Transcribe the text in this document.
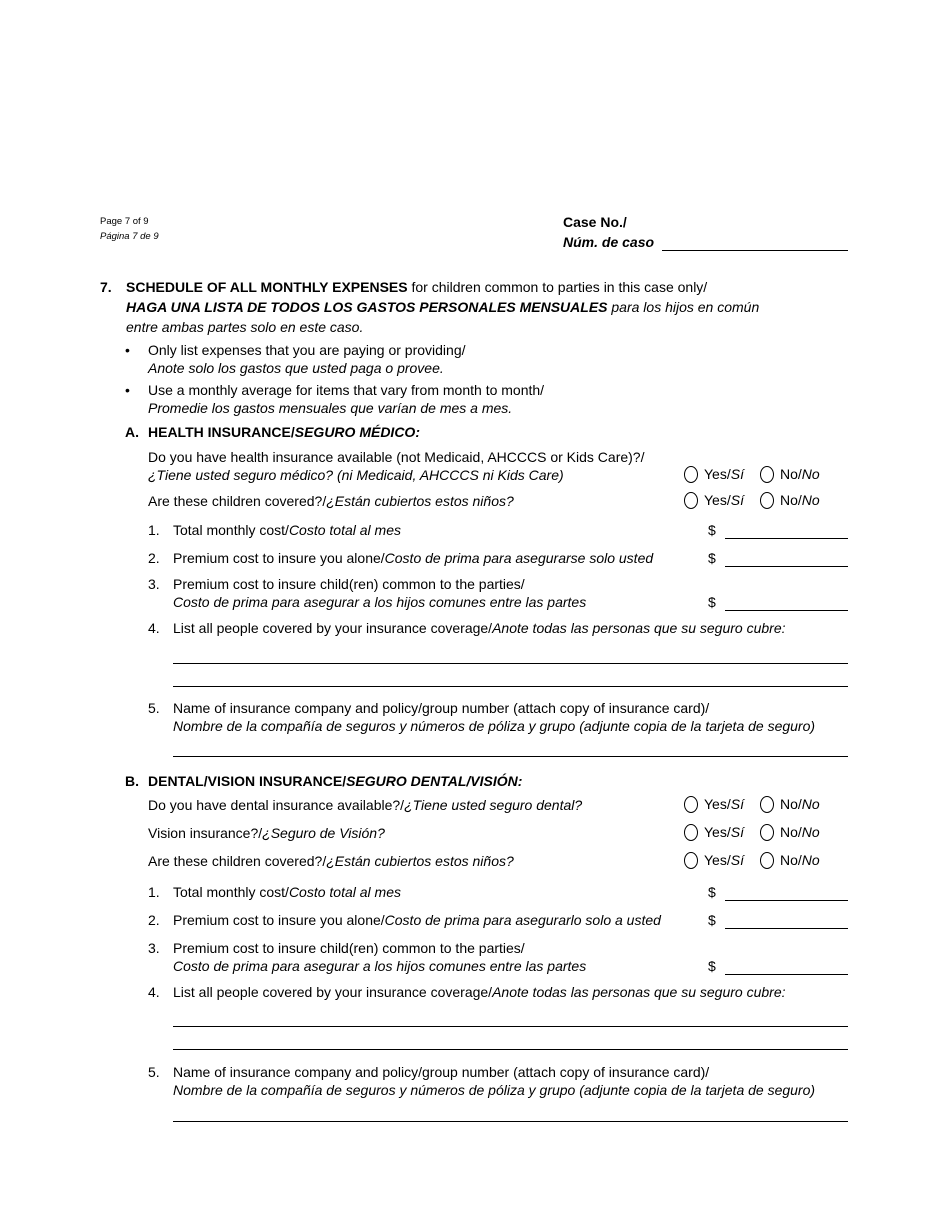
Page 7 of 9
Página 7 de 9
Case No./
Núm. de caso
7.	SCHEDULE OF ALL MONTHLY EXPENSES for children common to parties in this case only/
HAGA UNA LISTA DE TODOS LOS GASTOS PERSONALES MENSUALES para los hijos en común
entre ambas partes solo en este caso.
•	Only list expenses that you are paying or providing/
Anote solo los gastos que usted paga o provee.
•	Use a monthly average for items that vary from month to month/
Promedie los gastos mensuales que varían de mes a mes.
A. HEALTH INSURANCE/SEGURO MÉDICO:
Do you have health insurance available (not Medicaid, AHCCCS or Kids Care)?/
¿Tiene usted seguro médico? (ni Medicaid, AHCCCS ni Kids Care)	Yes/Sí	No/No
Are these children covered?/¿Están cubiertos estos niños?	Yes/Sí	No/No
1. Total monthly cost/Costo total al mes	$
2. Premium cost to insure you alone/Costo de prima para asegurarse solo usted	$
3. Premium cost to insure child(ren) common to the parties/
Costo de prima para asegurar a los hijos comunes entre las partes	$
4. List all people covered by your insurance coverage/Anote todas las personas que su seguro cubre:
5. Name of insurance company and policy/group number (attach copy of insurance card)/
Nombre de la compañía de seguros y números de póliza y grupo (adjunte copia de la tarjeta de seguro)
B. DENTAL/VISION INSURANCE/SEGURO DENTAL/VISIÓN:
Do you have dental insurance available?/¿Tiene usted seguro dental?	Yes/Sí	No/No
Vision insurance?/¿Seguro de Visión?	Yes/Sí	No/No
Are these children covered?/¿Están cubiertos estos niños?	Yes/Sí	No/No
1. Total monthly cost/Costo total al mes	$
2. Premium cost to insure you alone/Costo de prima para asegurarlo solo a usted	$
3. Premium cost to insure child(ren) common to the parties/
Costo de prima para asegurar a los hijos comunes entre las partes	$
4. List all people covered by your insurance coverage/Anote todas las personas que su seguro cubre:
5. Name of insurance company and policy/group number (attach copy of insurance card)/
Nombre de la compañía de seguros y números de póliza y grupo (adjunte copia de la tarjeta de seguro)
